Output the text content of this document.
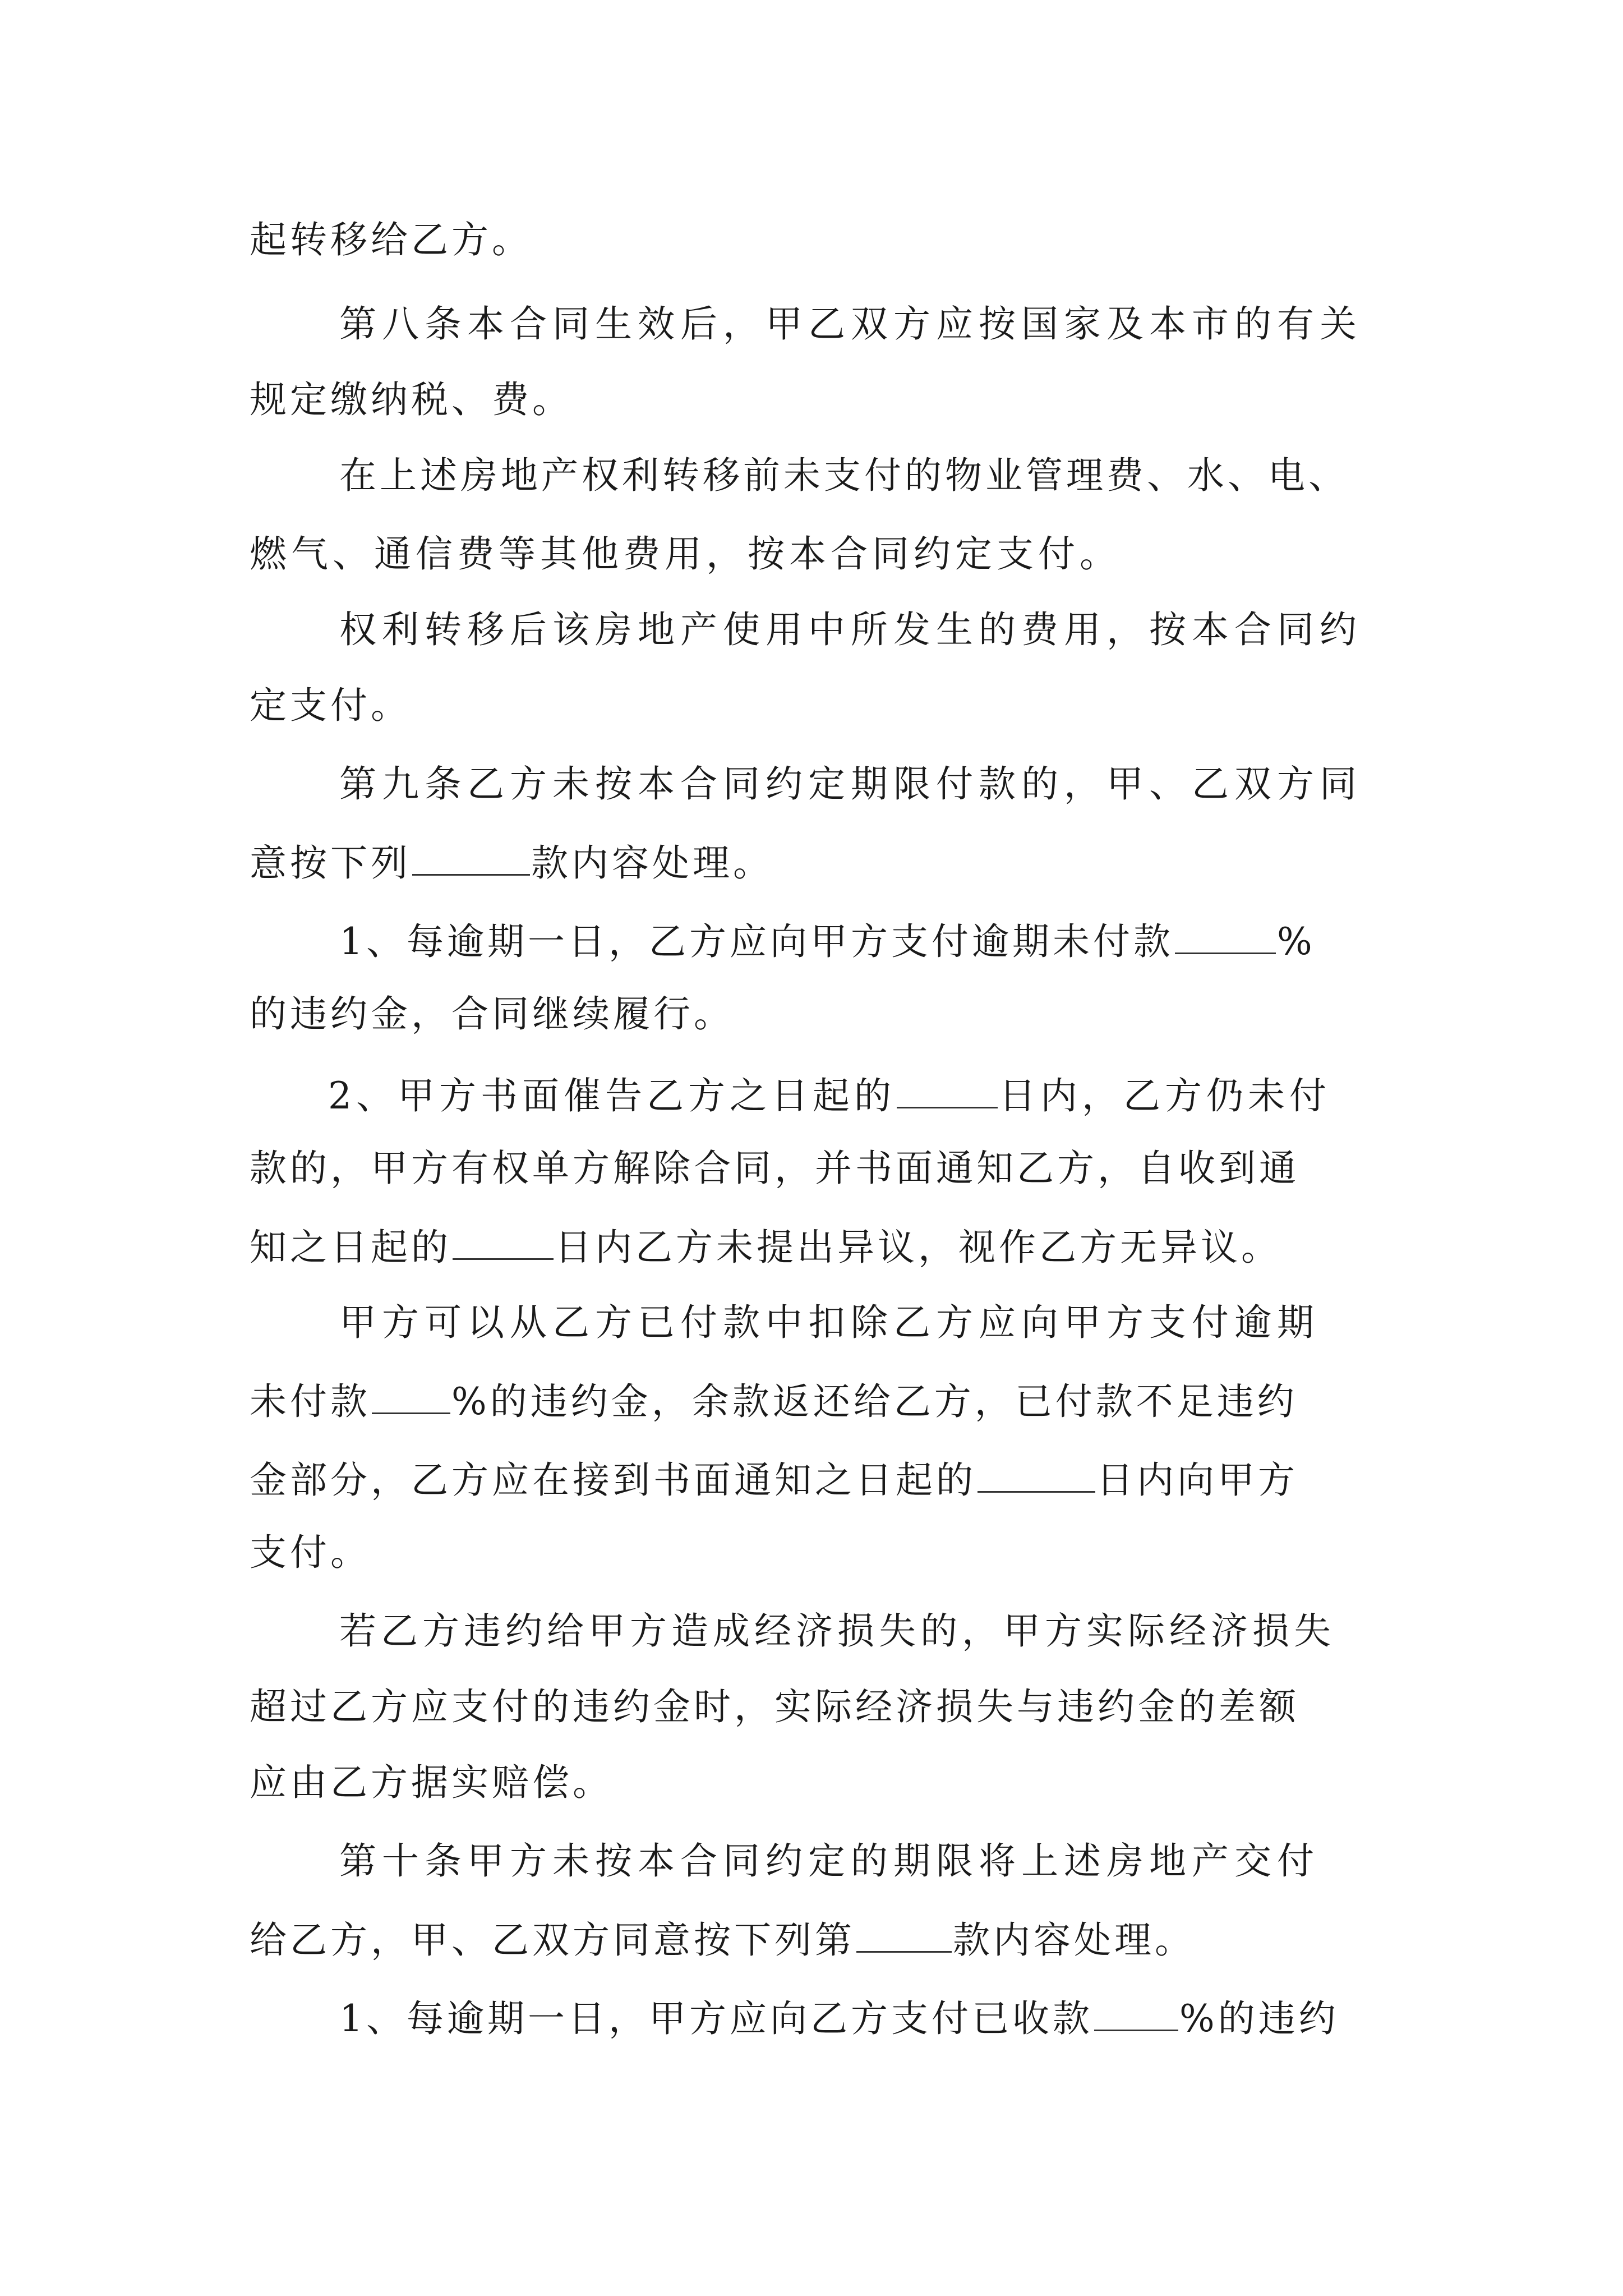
起转移给乙方。
第八条本合同生效后，甲乙双方应按国家及本市的有关
规定缴纳税、费。
在上述房地产权利转移前未支付的物业管理费、水、电、
燃气、通信费等其他费用，按本合同约定支付。
权利转移后该房地产使用中所发生的费用，按本合同约
定支付。
第九条乙方未按本合同约定期限付款的，甲、乙双方同
意按下列	款内容处理。
1、每逾期一日，乙方应向甲方支付逾期未付款	%
的违约金，合同继续履行。
2、甲方书面催告乙方之日起的	日内，乙方仍未付
款的，甲方有权单方解除合同，并书面通知乙方，自收到通
知之日起的	日内乙方未提出异议，视作乙方无异议。
甲方可以从乙方已付款中扣除乙方应向甲方支付逾期
未付款 %的违约金，余款返还给乙方，已付款不足违约
金部分，乙方应在接到书面通知之日起的	日内向甲方
支付。
若乙方违约给甲方造成经济损失的，甲方实际经济损失
超过乙方应支付的违约金时，实际经济损失与违约金的差额
应由乙方据实赔偿。
第十条甲方未按本合同约定的期限将上述房地产交付
给乙方，甲、乙双方同意按下列第	款内容处理。
1、每逾期一日，甲方应向乙方支付已收款 %的违约
